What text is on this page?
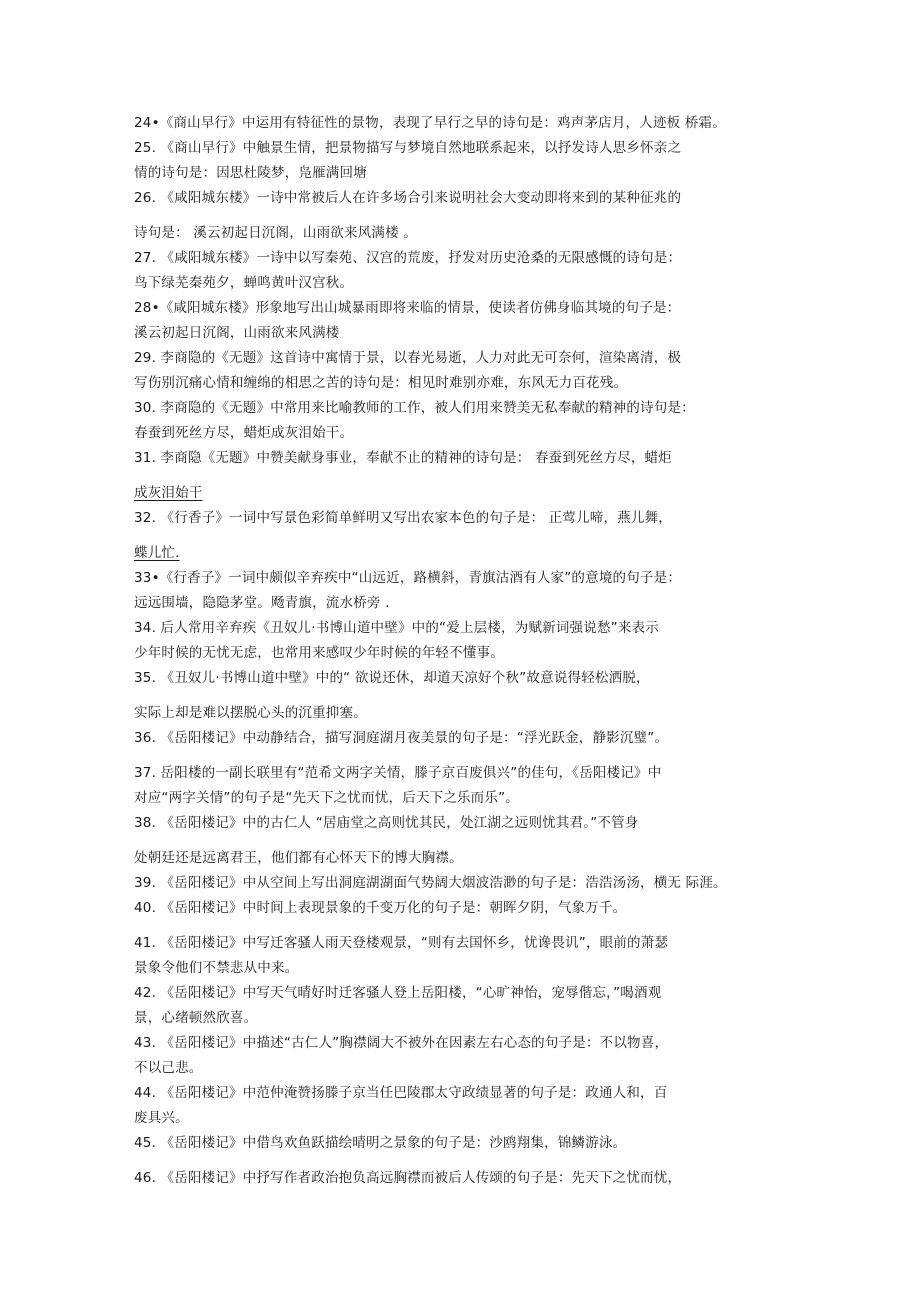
24•《商山早行》中运用有特征性的景物，表现了早行之早的诗句是：鸡声茅店月，人迹板 桥霜。
25. 《商山早行》中触景生情，把景物描写与梦境自然地联系起来，以抒发诗人思乡怀亲之
情的诗句是：因思杜陵梦，凫雁满回塘
26. 《咸阳城东楼》一诗中常被后人在许多场合引来说明社会大变动即将来到的某种征兆的
诗句是： 溪云初起日沉阁，山雨欲来风满楼 。
27. 《咸阳城东楼》一诗中以写秦苑、汉宫的荒废，抒发对历史沧桑的无限感慨的诗句是：
鸟下绿芜秦苑夕，蝉鸣黄叶汉宫秋。
28•《咸阳城东楼》形象地写出山城暴雨即将来临的情景，使读者仿佛身临其境的句子是：
溪云初起日沉阁，山雨欲来风满楼
29. 李商隐的《无题》这首诗中寓情于景，以春光易逝，人力对此无可奈何，渲染离清，极
写伤别沉痛心情和缠绵的相思之苦的诗句是：相见时难别亦难，东风无力百花残。
30. 李商隐的《无题》中常用来比喻教师的工作，被人们用来赞美无私奉献的精神的诗句是：
春蚕到死丝方尽，蜡炬成灰泪始干。
31. 李商隐《无题》中赞美献身事业，奉献不止的精神的诗句是： 春蚕到死丝方尽，蜡炬
成灰泪始干
32. 《行香子》一词中写景色彩简单鲜明又写出农家本色的句子是： 正莺儿啼，燕儿舞，
蝶儿忙.
33•《行香子》一词中颇似辛弃疾中“山远近，路横斜，青旗沽酒有人家”的意境的句子是：
远远围墙，隐隐茅堂。飏青旗，流水桥旁 .
34. 后人常用辛弃疾《丑奴儿·书博山道中壁》中的“爱上层楼，为赋新词强说愁”来表示
少年时候的无忧无虑，也常用来感叹少年时候的年轻不懂事。
35. 《丑奴儿·书博山道中壁》中的“ 欲说还休，却道天凉好个秋”故意说得轻松洒脱，
实际上却是难以摆脱心头的沉重抑塞。
36. 《岳阳楼记》中动静结合，描写洞庭湖月夜美景的句子是：“浮光跃金，静影沉璧”。
37. 岳阳楼的一副长联里有“范希文两字关情，滕子京百废俱兴”的佳句，《岳阳楼记》中
对应“两字关情”的句子是“先天下之忧而忧，后天下之乐而乐”。
38. 《岳阳楼记》中的古仁人 “居庙堂之高则忧其民，处江湖之远则忧其君。”不管身
处朝廷还是远离君王，他们都有心怀天下的博大胸襟。
39. 《岳阳楼记》中从空间上写出洞庭湖湖面气势阔大烟波浩渺的句子是：浩浩汤汤，横无 际涯。
40. 《岳阳楼记》中时间上表现景象的千变万化的句子是：朝晖夕阴，气象万千。
41. 《岳阳楼记》中写迁客骚人雨天登楼观景，“则有去国怀乡，忧谗畏讥”，眼前的萧瑟
景象令他们不禁悲从中来。
42. 《岳阳楼记》中写天气晴好时迁客骚人登上岳阳楼，“心旷神怡，宠辱偕忘，”喝酒观
景，心绪顿然欣喜。
43. 《岳阳楼记》中描述“古仁人”胸襟阔大不被外在因素左右心态的句子是：不以物喜，
不以己悲。
44. 《岳阳楼记》中范仲淹赞扬滕子京当任巴陵郡太守政绩显著的句子是：政通人和，百
废具兴。
45. 《岳阳楼记》中借鸟欢鱼跃描绘晴明之景象的句子是：沙鸥翔集，锦鳞游泳。
46. 《岳阳楼记》中抒写作者政治抱负高远胸襟而被后人传颂的句子是：先天下之忧而忧，
